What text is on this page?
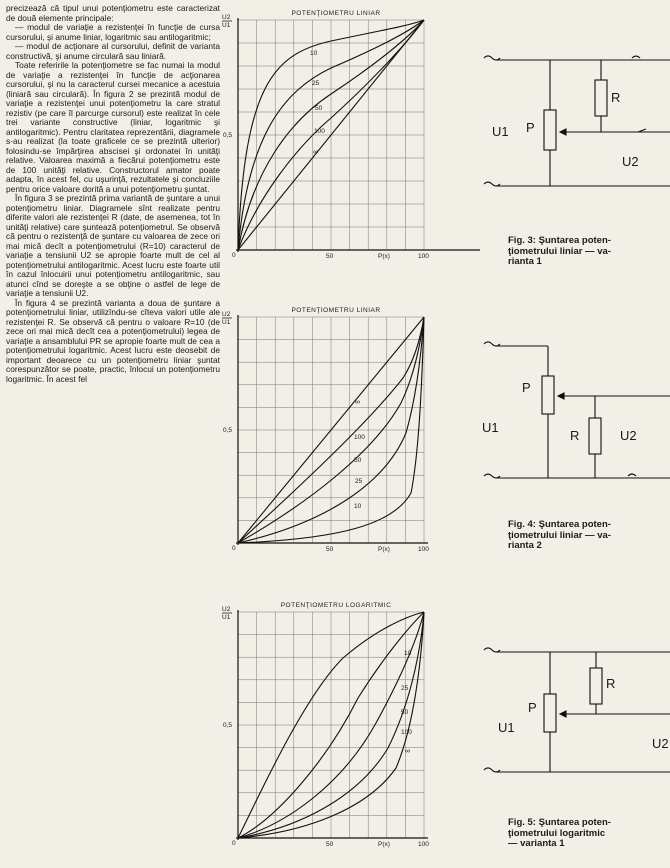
precizează că tipul unui potenţiometru este caracterizat de două elemente principale:

— modul de variaţie a rezistenţei în funcţie de cursa cursorului, şi anume liniar, logaritmic sau antilogaritmic;

— modul de acţionare al cursorului, definit de varianta constructivă, şi anume circulară sau liniară.

Toate referirile la potenţiometre se fac numai la modul de variaţie a rezistenţei în funcţie de acţionarea cursorului, şi nu la caracterul cursei mecanice a acestuia (liniară sau circulară). În figura 2 se prezintă modul de variaţie a rezistenţei unui potenţiometru la care stratul rezistiv (pe care îl parcurge cursorul) este realizat în cele trei variante constructive (liniar, logaritmic şi antilogaritmic). Pentru claritatea reprezentării, diagramele s-au realizat (la toate graficele ce se prezintă ulterior) folosindu-se împărţirea abscisei şi ordonatei în unităţi relative. Valoarea maximă a fiecărui potenţiometru este de 100 unităţi relative. Constructorul amator poate adapta, în acest fel, cu uşurinţă, rezultatele şi concluziile pentru orice valoare dorită a unui potenţiometru şuntat.

În figura 3 se prezintă prima variantă de şuntare a unui potenţiometru liniar. Diagramele sînt realizate pentru diferite valori ale rezistenţei R (date, de asemenea, tot în unităţi relative) care şuntează potenţiometrul. Se observă că pentru o rezistenţă de şuntare cu valoarea de zece ori mai mică decît a potenţiometrului (R=10) caracterul de variaţie a tensiunii U2 se apropie foarte mult de cel al potenţiometrului antilogaritmic. Acest lucru este foarte util în cazul înlocuirii unui potenţiometru antilogaritmic, sau atunci cînd se doreşte a se obţine o astfel de lege de variaţie a tensiunii U2.

În figura 4 se prezintă varianta a doua de şuntare a potenţiometrului liniar, utilizîndu-se cîteva valori utile ale rezistenţei R. Se observă că pentru o valoare R=10 (de zece ori mai mică decît cea a potenţiometrului) legea de variaţie a ansamblului PR se apropie foarte mult de cea a potenţiometrului logaritmic. Acest lucru este deosebit de important deoarece cu un potenţiometru liniar şuntat corespunzător se poate, practic, înlocui un potenţiometru logaritmic. În acest fel

POTENŢIOMETRU LINIAR
U2
U1
10
25
50
100
∞
0,5
0	50	P(x)	100
POTENŢIOMETRU LINIAR
U2
U1
∞
100
50
25
10
0,5
0	50	P(x)	100
POTENŢIOMETRU LOGARITMIC
U2
U1
10
25
50
100
∞
0,5
0	50	P(x)	100
U1 P
R
U2
P
U1
R	U2
P
U1
R
U2
Fig. 3: Şuntarea poten-
ţiometrului liniar — va-
rianta 1
Fig. 4: Şuntarea poten-
ţiometrului liniar — va-
rianta 2
Fig. 5: Şuntarea poten-
ţiometrului logaritmic
— varianta 1
